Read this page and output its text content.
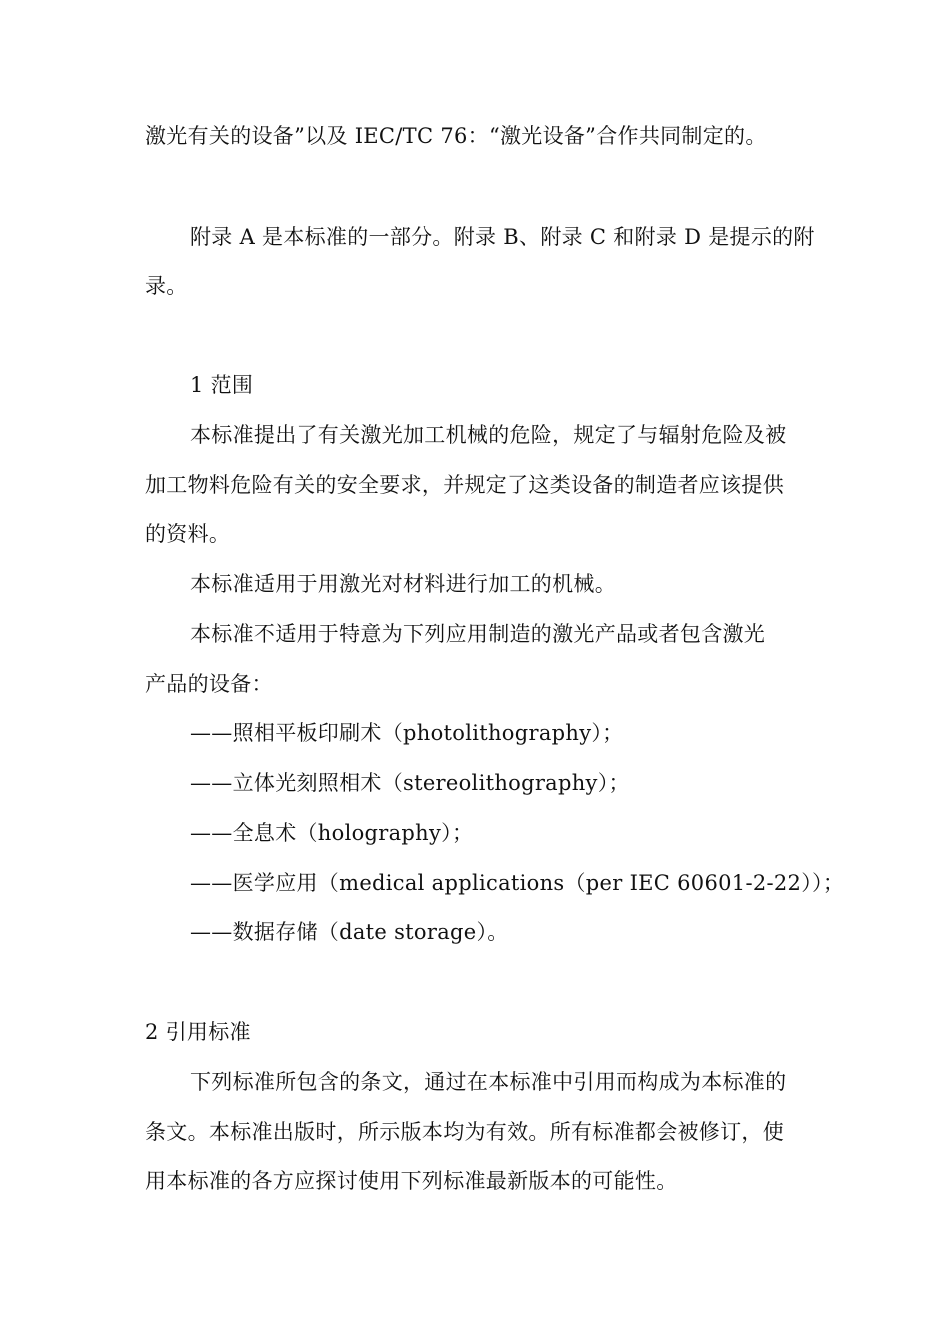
激光有关的设备”以及 IEC/TC 76：“激光设备”合作共同制定的。
附录 A 是本标准的一部分。附录 B、附录 C 和附录 D 是提示的附
录。
1 范围
本标准提出了有关激光加工机械的危险，规定了与辐射危险及被
加工物料危险有关的安全要求，并规定了这类设备的制造者应该提供
的资料。
本标准适用于用激光对材料进行加工的机械。
本标准不适用于特意为下列应用制造的激光产品或者包含激光
产品的设备：
——照相平板印刷术（photolithography）；
——立体光刻照相术（stereolithography）；
——全息术（holography）；
——医学应用（medical applications（per IEC 60601-2-22））；
——数据存储（date storage）。
2 引用标准
下列标准所包含的条文，通过在本标准中引用而构成为本标准的
条文。本标准出版时，所示版本均为有效。所有标准都会被修订，使
用本标准的各方应探讨使用下列标准最新版本的可能性。
